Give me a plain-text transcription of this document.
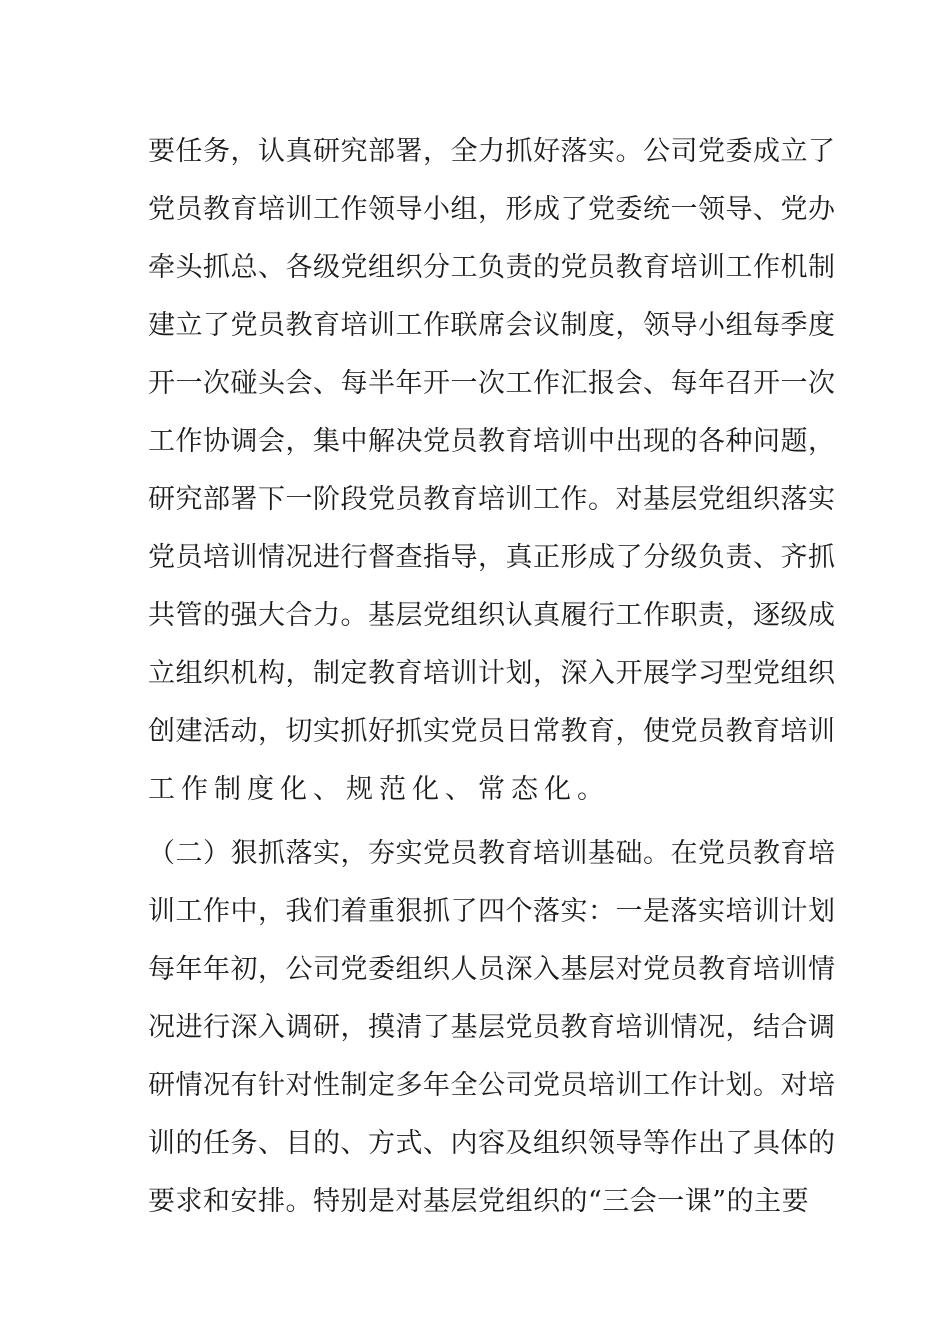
要任务，认真研究部署，全力抓好落实。公司党委成立了
党员教育培训工作领导小组，形成了党委统一领导、党办
牵头抓总、各级党组织分工负责的党员教育培训工作机制
建立了党员教育培训工作联席会议制度，领导小组每季度
开一次碰头会、每半年开一次工作汇报会、每年召开一次
工作协调会，集中解决党员教育培训中出现的各种问题，
研究部署下一阶段党员教育培训工作。对基层党组织落实
党员培训情况进行督查指导，真正形成了分级负责、齐抓
共管的强大合力。基层党组织认真履行工作职责，逐级成
立组织机构，制定教育培训计划，深入开展学习型党组织
创建活动，切实抓好抓实党员日常教育，使党员教育培训
工作制度化、规范化、常态化。
（二）狠抓落实，夯实党员教育培训基础。在党员教育培
训工作中，我们着重狠抓了四个落实：一是落实培训计划
每年年初，公司党委组织人员深入基层对党员教育培训情
况进行深入调研，摸清了基层党员教育培训情况，结合调
研情况有针对性制定多年全公司党员培训工作计划。对培
训的任务、目的、方式、内容及组织领导等作出了具体的
要求和安排。特别是对基层党组织的“三会一课”的主要
